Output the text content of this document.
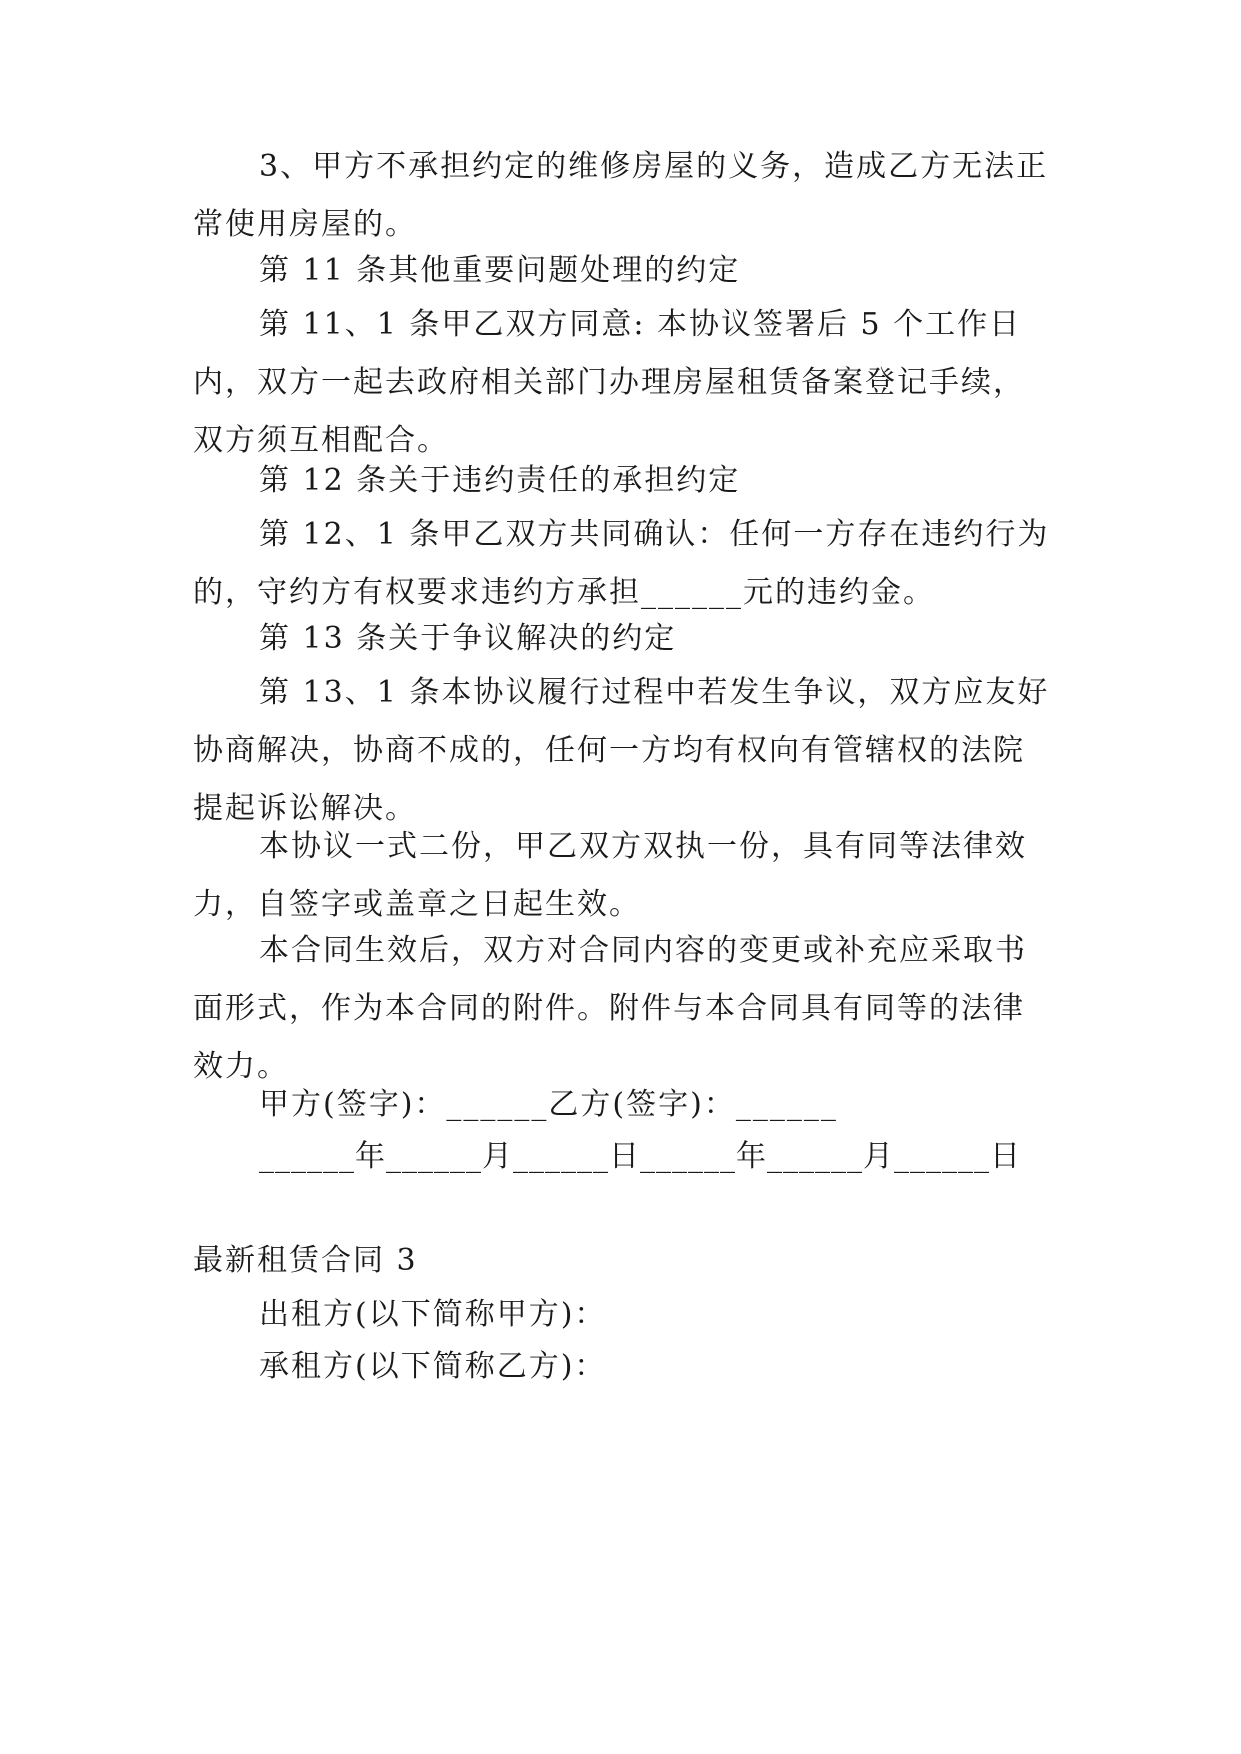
3、甲方不承担约定的维修房屋的义务，造成乙方无法正常使用房屋的。

第 11 条其他重要问题处理的约定

第 11、1 条甲乙双方同意: 本协议签署后 5 个工作日内，双方一起去政府相关部门办理房屋租赁备案登记手续，双方须互相配合。

第 12 条关于违约责任的承担约定

第 12、1 条甲乙双方共同确认：任何一方存在违约行为的，守约方有权要求违约方承担______元的违约金。

第 13 条关于争议解决的约定

第 13、1 条本协议履行过程中若发生争议，双方应友好协商解决，协商不成的，任何一方均有权向有管辖权的法院提起诉讼解决。

本协议一式二份，甲乙双方双执一份，具有同等法律效力，自签字或盖章之日起生效。

本合同生效后，双方对合同内容的变更或补充应采取书面形式，作为本合同的附件。附件与本合同具有同等的法律效力。

甲方(签字)：______乙方(签字)：______

______年______月______日______年______月______日

最新租赁合同 3

出租方(以下简称甲方)：

承租方(以下简称乙方)：
